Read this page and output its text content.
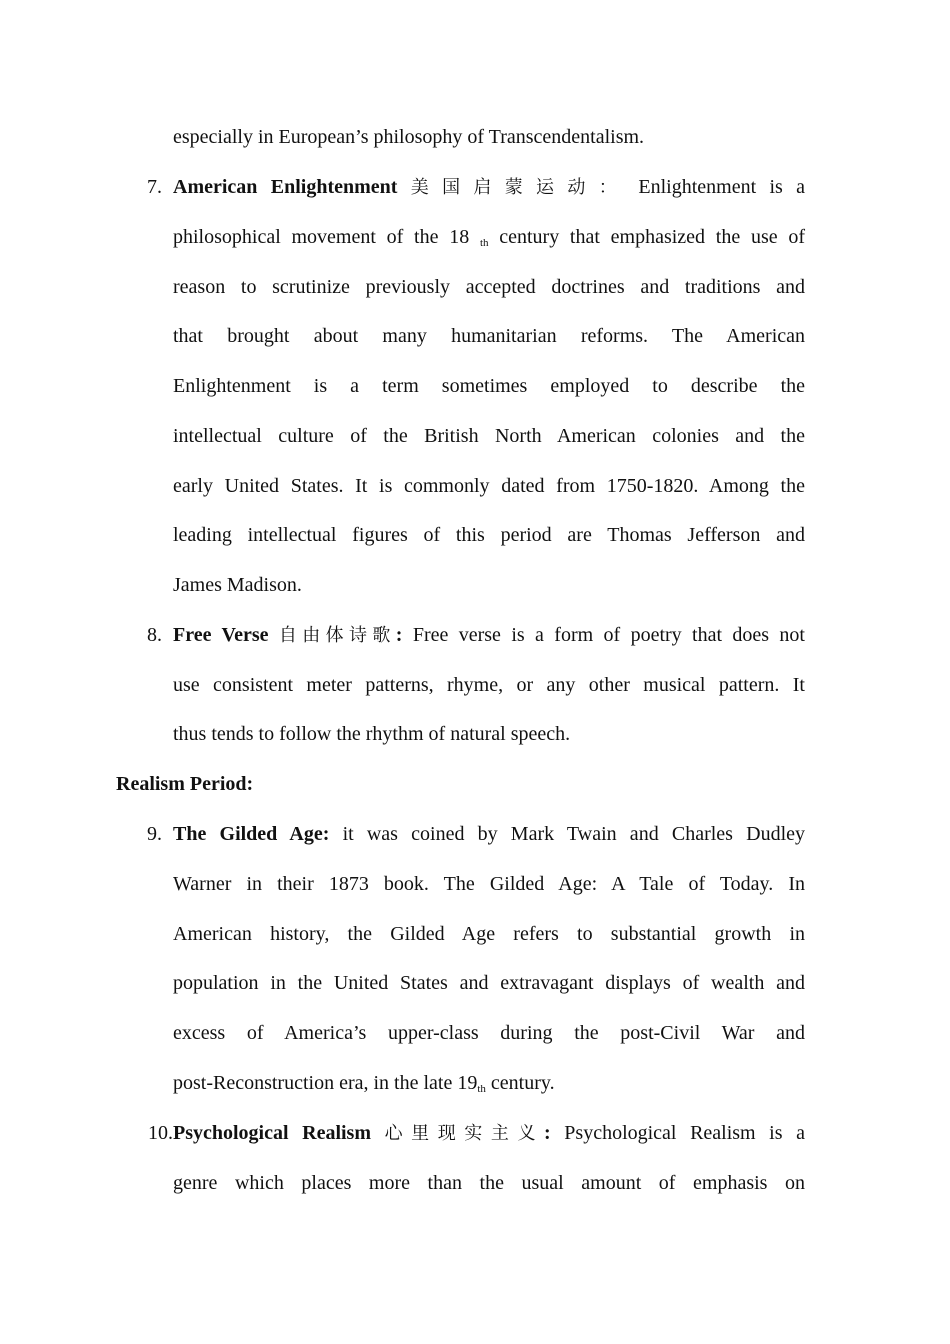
especially in European’s philosophy of Transcendentalism.
7. American Enlightenment 美国启蒙运动： Enlightenment is a
philosophical movement of the 18 $^{th}$ century that emphasized the use of
reason to scrutinize previously accepted doctrines and traditions and
that brought about many humanitarian reforms. The American
Enlightenment is a term sometimes employed to describe the
intellectual culture of the British North American colonies and the
early United States. It is commonly dated from 1750-1820. Among the
leading intellectual figures of this period are Thomas Jefferson and
James Madison.
8. Free Verse 自由体诗歌: Free verse is a form of poetry that does not
use consistent meter patterns, rhyme, or any other musical pattern. It
thus tends to follow the rhythm of natural speech.
Realism Period:
9. The Gilded Age: it was coined by Mark Twain and Charles Dudley
Warner in their 1873 book. The Gilded Age: A Tale of Today. In
American history, the Gilded Age refers to substantial growth in
population in the United States and extravagant displays of wealth and
excess of America’s upper-class during the post-Civil War and
post-Reconstruction era, in the late 19th century.
10. Psychological Realism 心里现实主义: Psychological Realism is a
genre which places more than the usual amount of emphasis on
